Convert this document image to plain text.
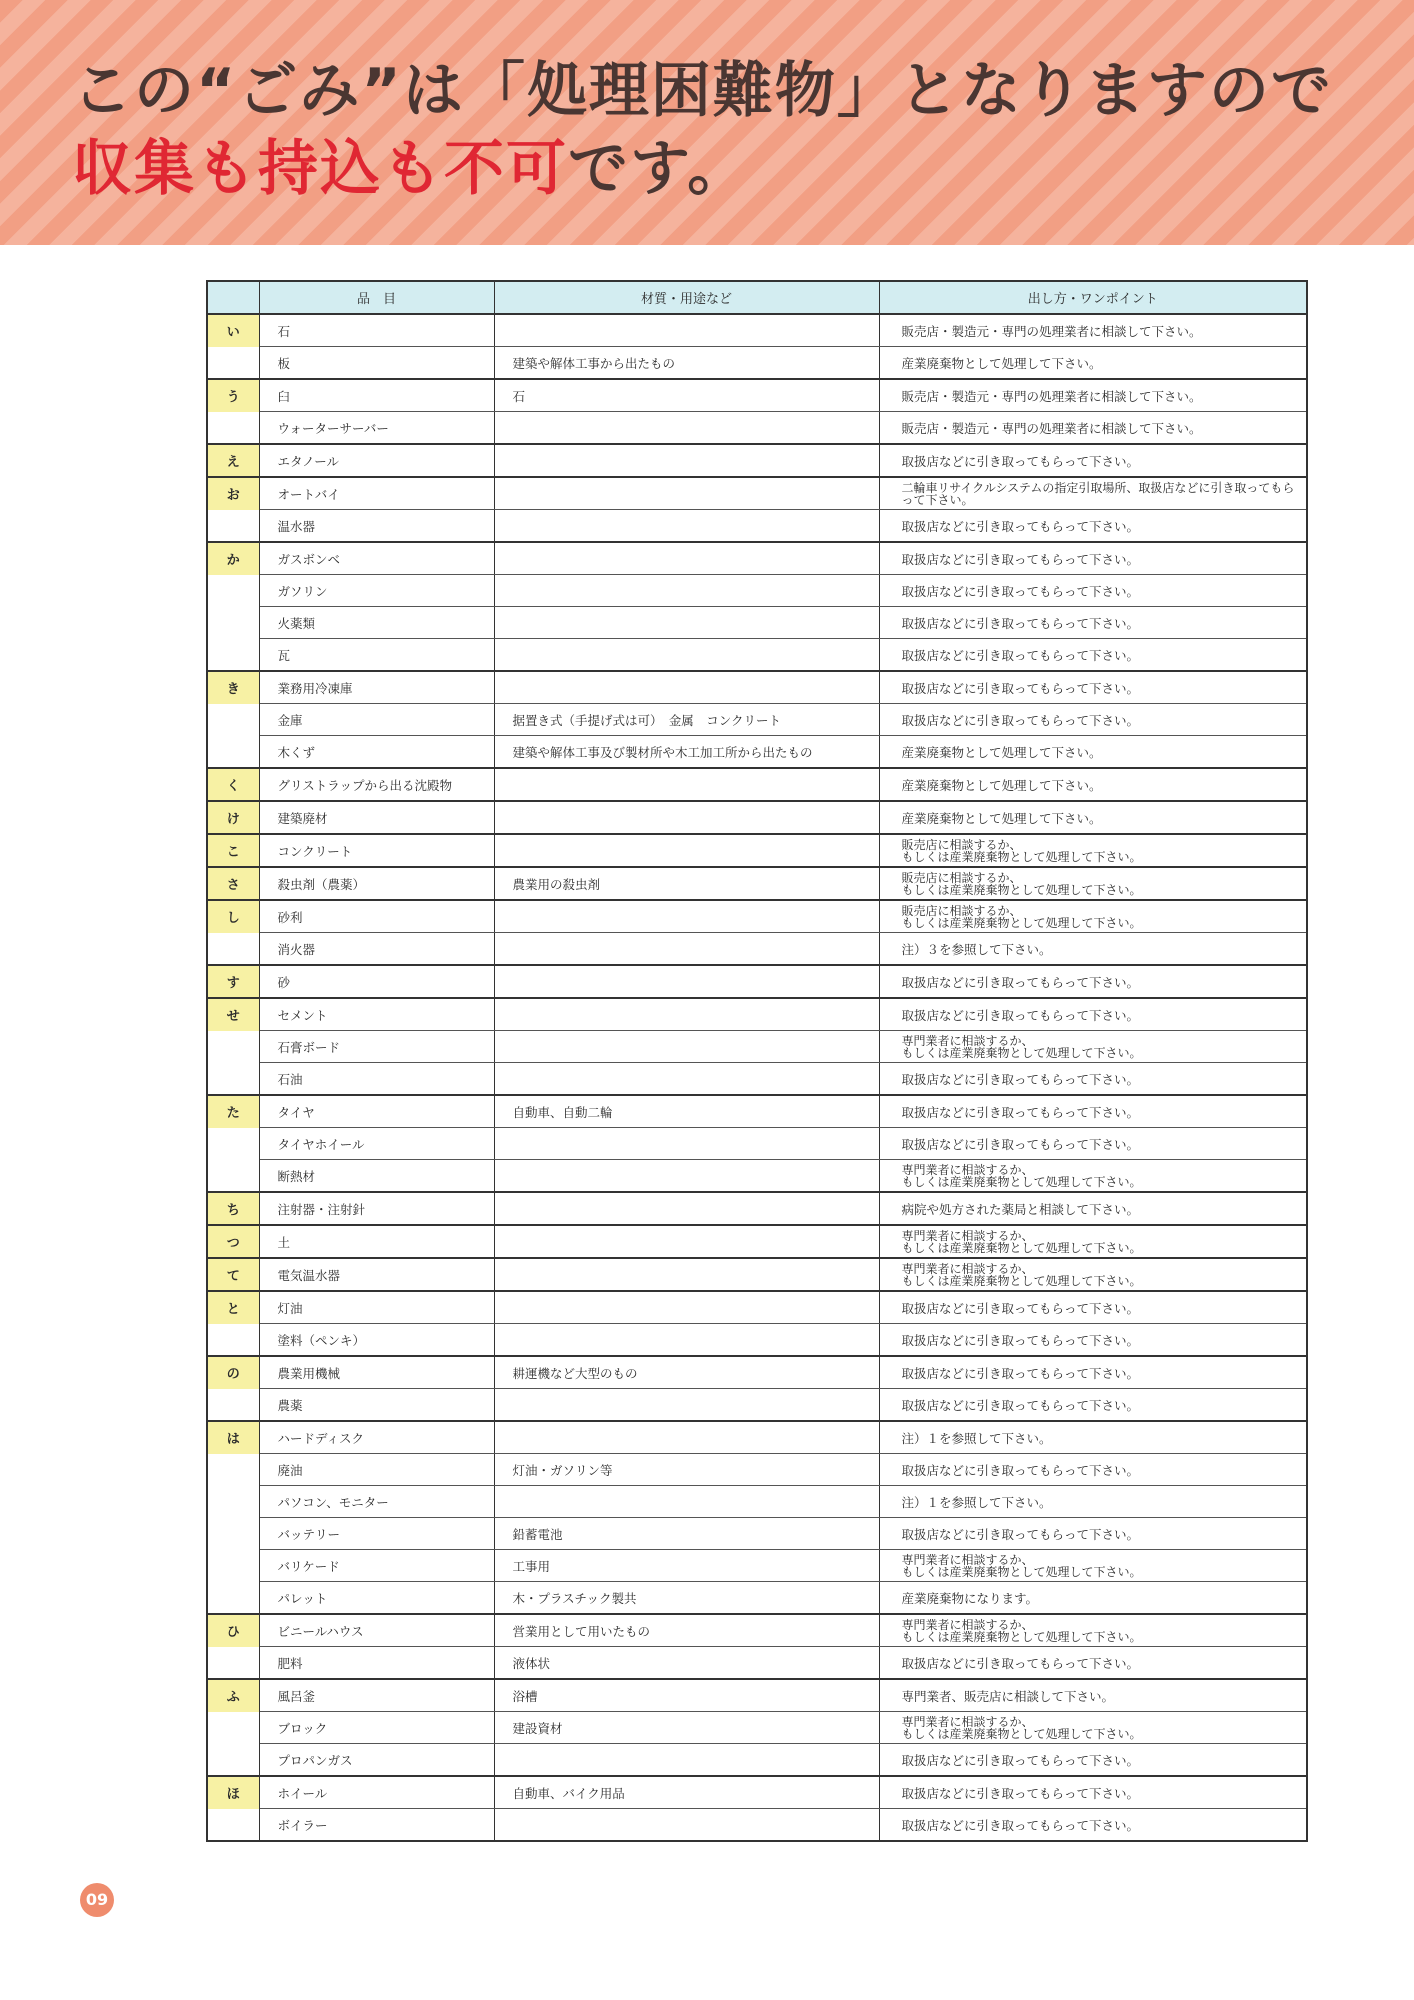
この“ごみ”は「処理困難物」となりますので
収集も持込も不可です。
	品　目	材質・用途など	出し方・ワンポイント
い	石		販売店・製造元・専門の処理業者に相談して下さい。
	板	建築や解体工事から出たもの	産業廃棄物として処理して下さい。
う	臼	石	販売店・製造元・専門の処理業者に相談して下さい。
	ウォーターサーバー		販売店・製造元・専門の処理業者に相談して下さい。
え	エタノール		取扱店などに引き取ってもらって下さい。
お	オートバイ		二輪車リサイクルシステムの指定引取場所、取扱店などに引き取ってもらって下さい。
	温水器		取扱店などに引き取ってもらって下さい。
か	ガスボンベ		取扱店などに引き取ってもらって下さい。
	ガソリン		取扱店などに引き取ってもらって下さい。
	火薬類		取扱店などに引き取ってもらって下さい。
	瓦		取扱店などに引き取ってもらって下さい。
き	業務用冷凍庫		取扱店などに引き取ってもらって下さい。
	金庫	据置き式（手提げ式は可）　金属　コンクリート	取扱店などに引き取ってもらって下さい。
	木くず	建築や解体工事及び製材所や木工加工所から出たもの	産業廃棄物として処理して下さい。
く	グリストラップから出る沈殿物		産業廃棄物として処理して下さい。
け	建築廃材		産業廃棄物として処理して下さい。
こ	コンクリート		販売店に相談するか、
もしくは産業廃棄物として処理して下さい。
さ	殺虫剤（農薬）	農業用の殺虫剤	販売店に相談するか、
もしくは産業廃棄物として処理して下さい。
し	砂利		販売店に相談するか、
もしくは産業廃棄物として処理して下さい。
	消火器		注）３を参照して下さい。
す	砂		取扱店などに引き取ってもらって下さい。
せ	セメント		取扱店などに引き取ってもらって下さい。
	石膏ボード		専門業者に相談するか、
もしくは産業廃棄物として処理して下さい。
	石油		取扱店などに引き取ってもらって下さい。
た	タイヤ	自動車、自動二輪	取扱店などに引き取ってもらって下さい。
	タイヤホイール		取扱店などに引き取ってもらって下さい。
	断熱材		専門業者に相談するか、
もしくは産業廃棄物として処理して下さい。
ち	注射器・注射針		病院や処方された薬局と相談して下さい。
つ	土		専門業者に相談するか、
もしくは産業廃棄物として処理して下さい。
て	電気温水器		専門業者に相談するか、
もしくは産業廃棄物として処理して下さい。
と	灯油		取扱店などに引き取ってもらって下さい。
	塗料（ペンキ）		取扱店などに引き取ってもらって下さい。
の	農業用機械	耕運機など大型のもの	取扱店などに引き取ってもらって下さい。
	農薬		取扱店などに引き取ってもらって下さい。
は	ハードディスク		注）１を参照して下さい。
	廃油	灯油・ガソリン等	取扱店などに引き取ってもらって下さい。
	パソコン、モニター		注）１を参照して下さい。
	バッテリー	鉛蓄電池	取扱店などに引き取ってもらって下さい。
	バリケード	工事用	専門業者に相談するか、
もしくは産業廃棄物として処理して下さい。
	パレット	木・プラスチック製共	産業廃棄物になります。
ひ	ビニールハウス	営業用として用いたもの	専門業者に相談するか、
もしくは産業廃棄物として処理して下さい。
	肥料	液体状	取扱店などに引き取ってもらって下さい。
ふ	風呂釜	浴槽	専門業者、販売店に相談して下さい。
	ブロック	建設資材	専門業者に相談するか、
もしくは産業廃棄物として処理して下さい。
	プロパンガス		取扱店などに引き取ってもらって下さい。
ほ	ホイール	自動車、バイク用品	取扱店などに引き取ってもらって下さい。
	ボイラー		取扱店などに引き取ってもらって下さい。
09
